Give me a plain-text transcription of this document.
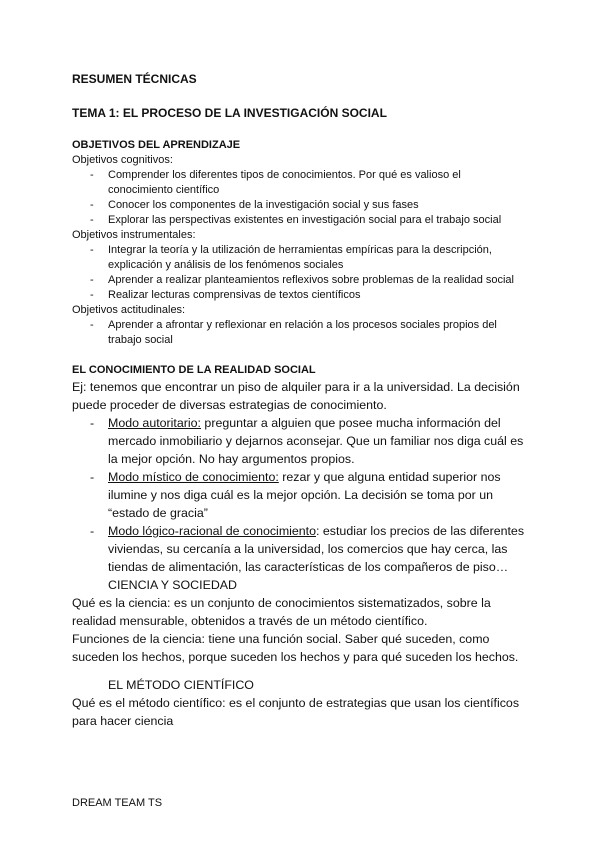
RESUMEN TÉCNICAS
TEMA 1: EL PROCESO DE LA INVESTIGACIÓN SOCIAL
OBJETIVOS DEL APRENDIZAJE
Objetivos cognitivos:
- Comprender los diferentes tipos de conocimientos. Por qué es valioso el
conocimiento científico
- Conocer los componentes de la investigación social y sus fases
- Explorar las perspectivas existentes en investigación social para el trabajo social
Objetivos instrumentales:
- Integrar la teoría y la utilización de herramientas empíricas para la descripción,
explicación y análisis de los fenómenos sociales
- Aprender a realizar planteamientos reflexivos sobre problemas de la realidad social
- Realizar lecturas comprensivas de textos científicos
Objetivos actitudinales:
- Aprender a afrontar y reflexionar en relación a los procesos sociales propios del
trabajo social
EL CONOCIMIENTO DE LA REALIDAD SOCIAL
Ej: tenemos que encontrar un piso de alquiler para ir a la universidad. La decisión
puede proceder de diversas estrategias de conocimiento.
- Modo autoritario: preguntar a alguien que posee mucha información del
mercado inmobiliario y dejarnos aconsejar. Que un familiar nos diga cuál es
la mejor opción. No hay argumentos propios.
- Modo místico de conocimiento: rezar y que alguna entidad superior nos
ilumine y nos diga cuál es la mejor opción. La decisión se toma por un
“estado de gracia”
- Modo lógico-racional de conocimiento: estudiar los precios de las diferentes
viviendas, su cercanía a la universidad, los comercios que hay cerca, las
tiendas de alimentación, las características de los compañeros de piso…
CIENCIA Y SOCIEDAD
Qué es la ciencia: es un conjunto de conocimientos sistematizados, sobre la
realidad mensurable, obtenidos a través de un método científico.
Funciones de la ciencia: tiene una función social. Saber qué suceden, como
suceden los hechos, porque suceden los hechos y para qué suceden los hechos.
EL MÉTODO CIENTÍFICO
Qué es el método científico: es el conjunto de estrategias que usan los científicos
para hacer ciencia
DREAM TEAM TS
